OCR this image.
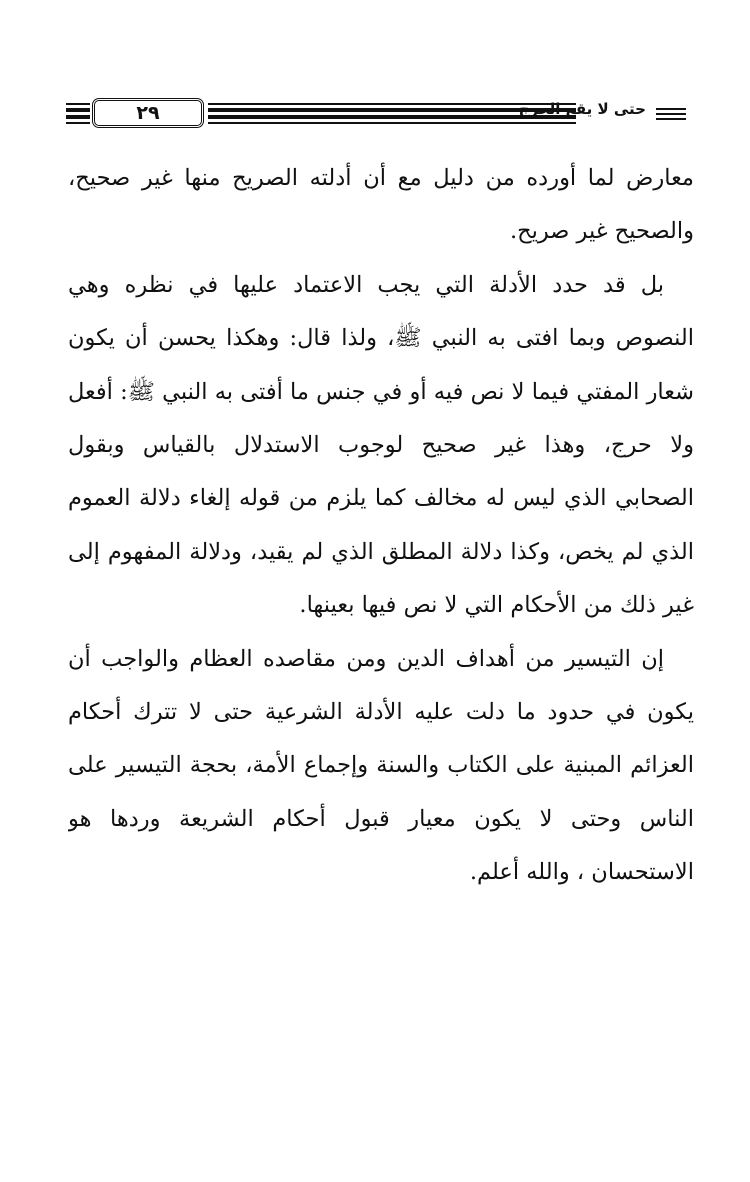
٢٩	حتى لا يقع الحرج
معارض لما أورده من دليل مع أن أدلته الصريح منها غير صحيح،
والصحيح غير صريح.
بل قد حدد الأدلة التي يجب الاعتماد عليها في نظره وهي
النصوص وبما افتى به النبي ﷺ، ولذا قال: وهكذا يحسن أن يكون
شعار المفتي فيما لا نص فيه أو في جنس ما أفتى به النبي ﷺ: أفعل
ولا حرج، وهذا غير صحيح لوجوب الاستدلال بالقياس وبقول
الصحابي الذي ليس له مخالف كما يلزم من قوله إلغاء دلالة العموم
الذي لم يخص، وكذا دلالة المطلق الذي لم يقيد، ودلالة المفهوم إلى
غير ذلك من الأحكام التي لا نص فيها بعينها.
إن التيسير من أهداف الدين ومن مقاصده العظام والواجب أن
يكون في حدود ما دلت عليه الأدلة الشرعية حتى لا تترك أحكام
العزائم المبنية على الكتاب والسنة وإجماع الأمة، بحجة التيسير على
الناس وحتى لا يكون معيار قبول أحكام الشريعة وردها هو
الاستحسان ، والله أعلم.
